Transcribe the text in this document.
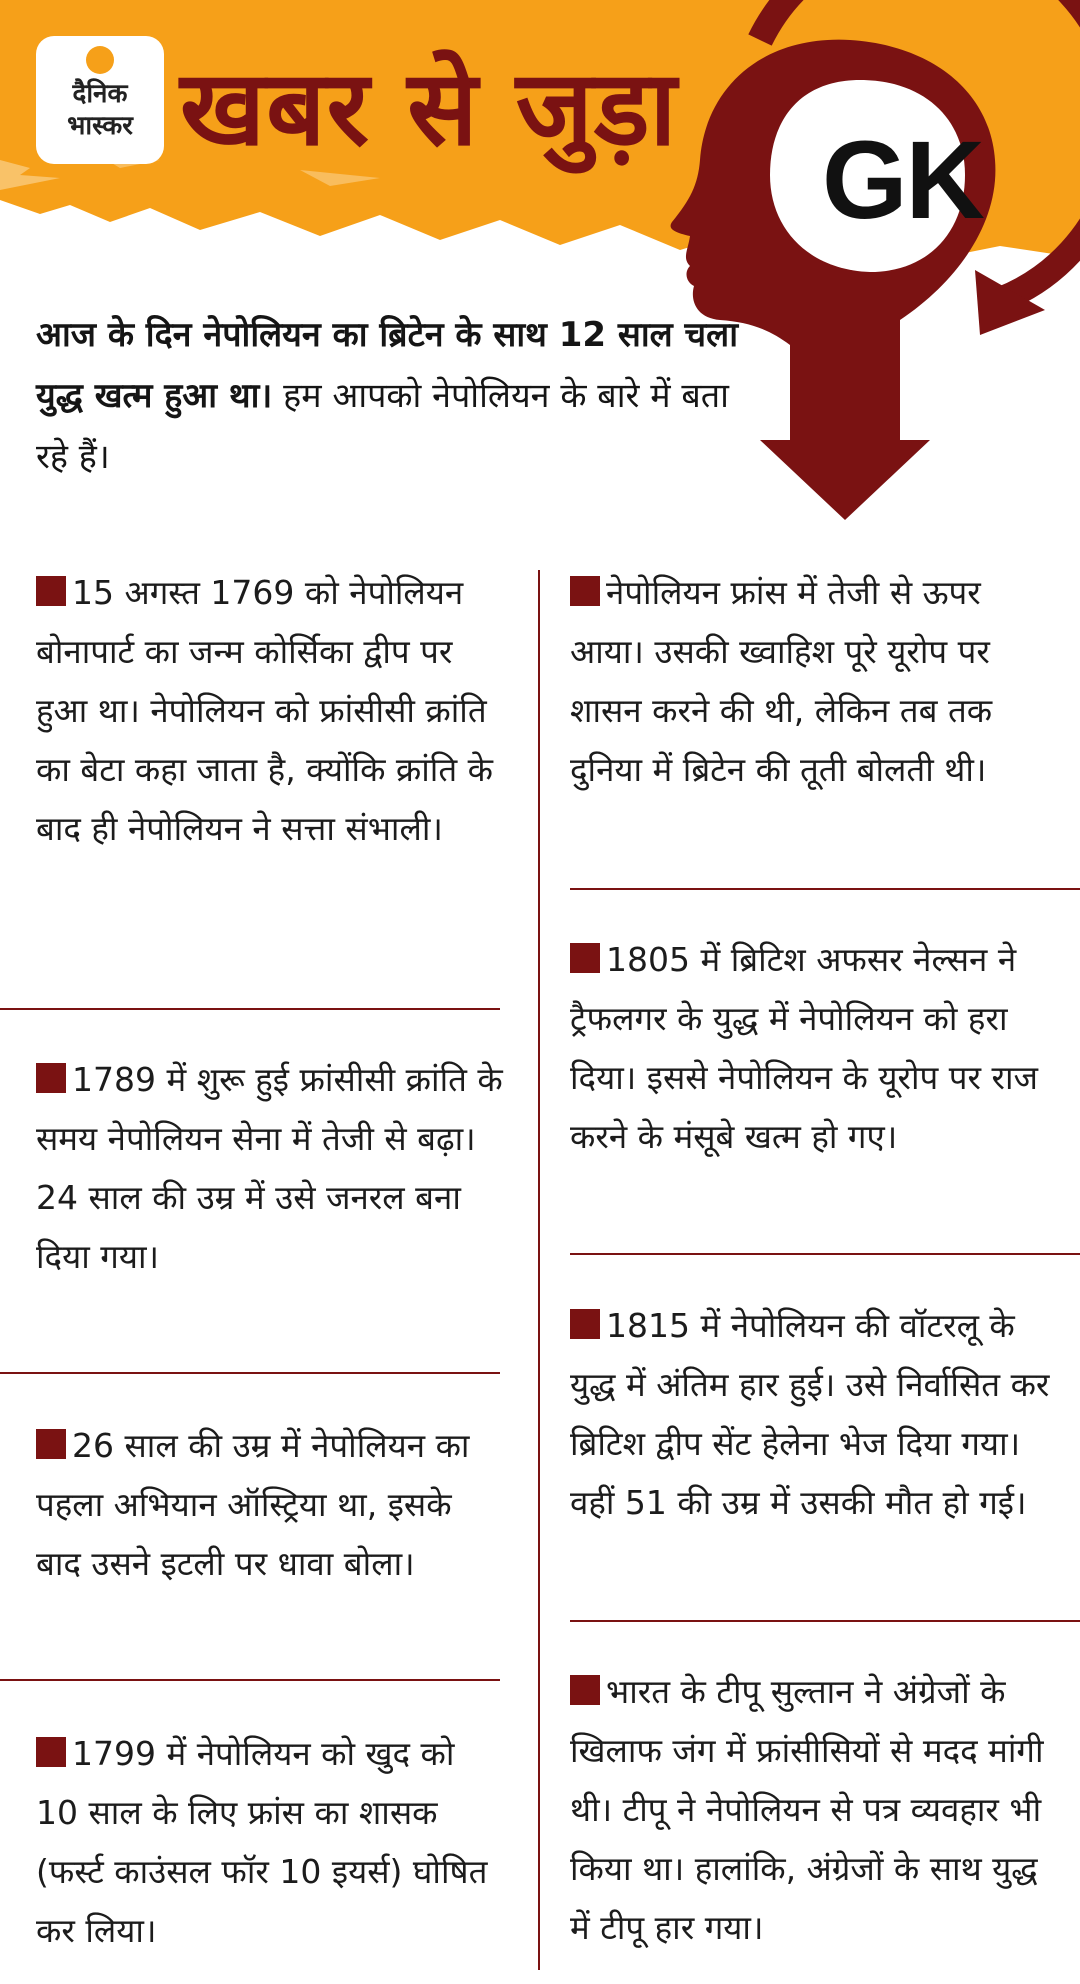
दैनिक
भास्कर खबर से जुड़ा
GK
आज के दिन नेपोलियन का ब्रिटेन के साथ 12 साल चला युद्ध खत्म हुआ था। हम आपको नेपोलियन के बारे में बता रहे हैं।
15 अगस्त 1769 को नेपोलियन बोनापार्ट का जन्म कोर्सिका द्वीप पर हुआ था। नेपोलियन को फ्रांसीसी क्रांति का बेटा कहा जाता है, क्योंकि क्रांति के बाद ही नेपोलियन ने सत्ता संभाली।
1789 में शुरू हुई फ्रांसीसी क्रांति के समय नेपोलियन सेना में तेजी से बढ़ा। 24 साल की उम्र में उसे जनरल बना दिया गया।
26 साल की उम्र में नेपोलियन का पहला अभियान ऑस्ट्रिया था, इसके बाद उसने इटली पर धावा बोला।
1799 में नेपोलियन को खुद को 10 साल के लिए फ्रांस का शासक (फर्स्ट काउंसल फॉर 10 इयर्स) घोषित कर लिया।
नेपोलियन फ्रांस में तेजी से ऊपर आया। उसकी ख्वाहिश पूरे यूरोप पर शासन करने की थी, लेकिन तब तक दुनिया में ब्रिटेन की तूती बोलती थी।
1805 में ब्रिटिश अफसर नेल्सन ने ट्रैफलगर के युद्ध में नेपोलियन को हरा दिया। इससे नेपोलियन के यूरोप पर राज करने के मंसूबे खत्म हो गए।
1815 में नेपोलियन की वॉटरलू के युद्ध में अंतिम हार हुई। उसे निर्वासित कर ब्रिटिश द्वीप सेंट हेलेना भेज दिया गया। वहीं 51 की उम्र में उसकी मौत हो गई।
भारत के टीपू सुल्तान ने अंग्रेजों के खिलाफ जंग में फ्रांसीसियों से मदद मांगी थी। टीपू ने नेपोलियन से पत्र व्यवहार भी किया था। हालांकि, अंग्रेजों के साथ युद्ध में टीपू हार गया।
